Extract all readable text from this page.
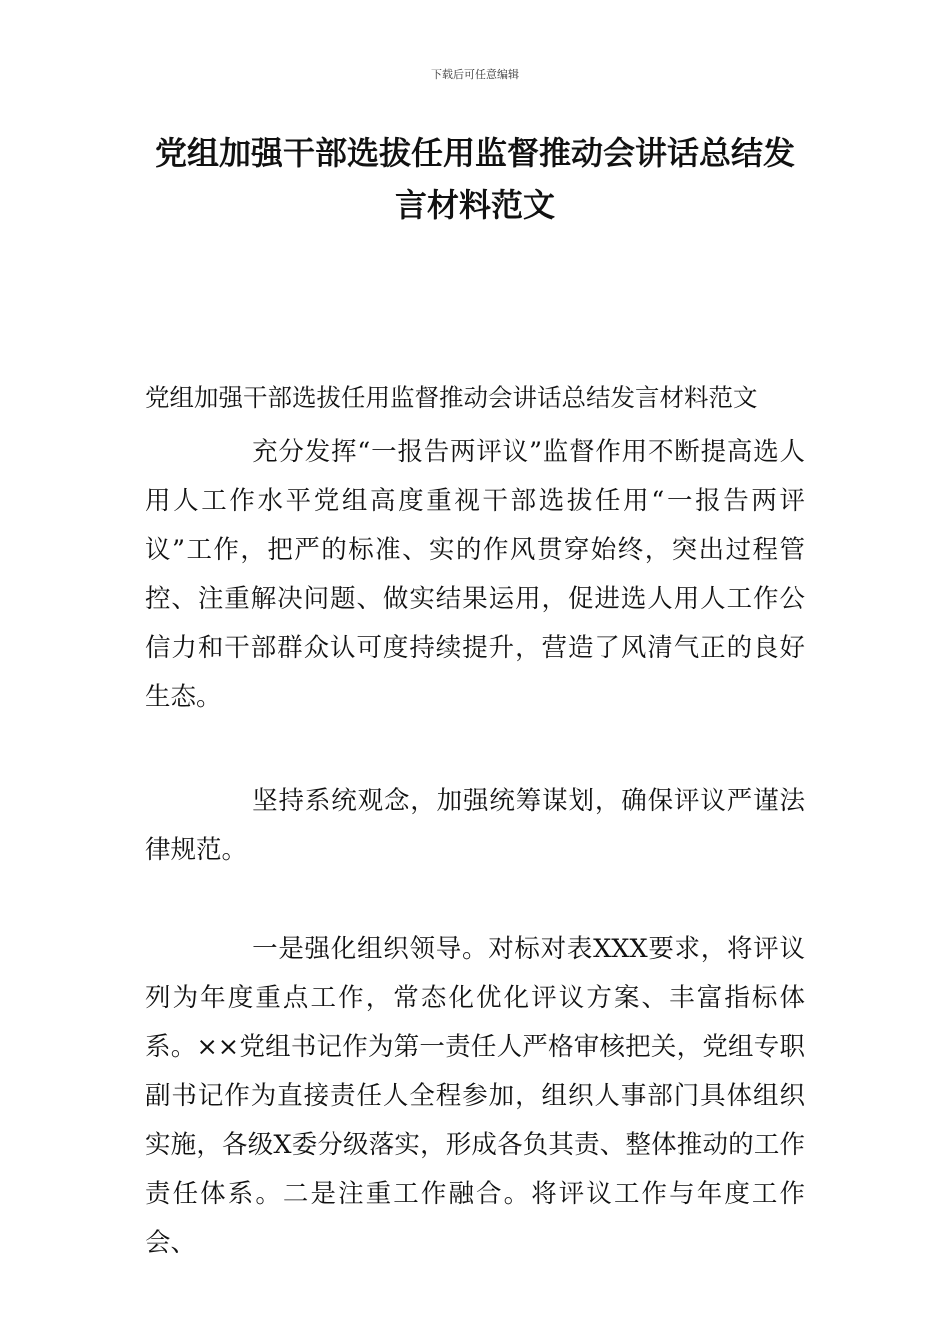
下载后可任意编辑
党组加强干部选拔任用监督推动会讲话总结发言材料范文

党组加强干部选拔任用监督推动会讲话总结发言材料范文

充分发挥“一报告两评议”监督作用不断提高选人用人工作水平党组高度重视干部选拔任用“一报告两评议”工作，把严的标准、实的作风贯穿始终，突出过程管控、注重解决问题、做实结果运用，促进选人用人工作公信力和干部群众认可度持续提升，营造了风清气正的良好生态。

坚持系统观念，加强统筹谋划，确保评议严谨法律规范。

一是强化组织领导。对标对表XXX要求，将评议列为年度重点工作，常态化优化评议方案、丰富指标体系。××党组书记作为第一责任人严格审核把关，党组专职副书记作为直接责任人全程参加，组织人事部门具体组织实施，各级X委分级落实，形成各负其责、整体推动的工作责任体系。二是注重工作融合。将评议工作与年度工作会、
